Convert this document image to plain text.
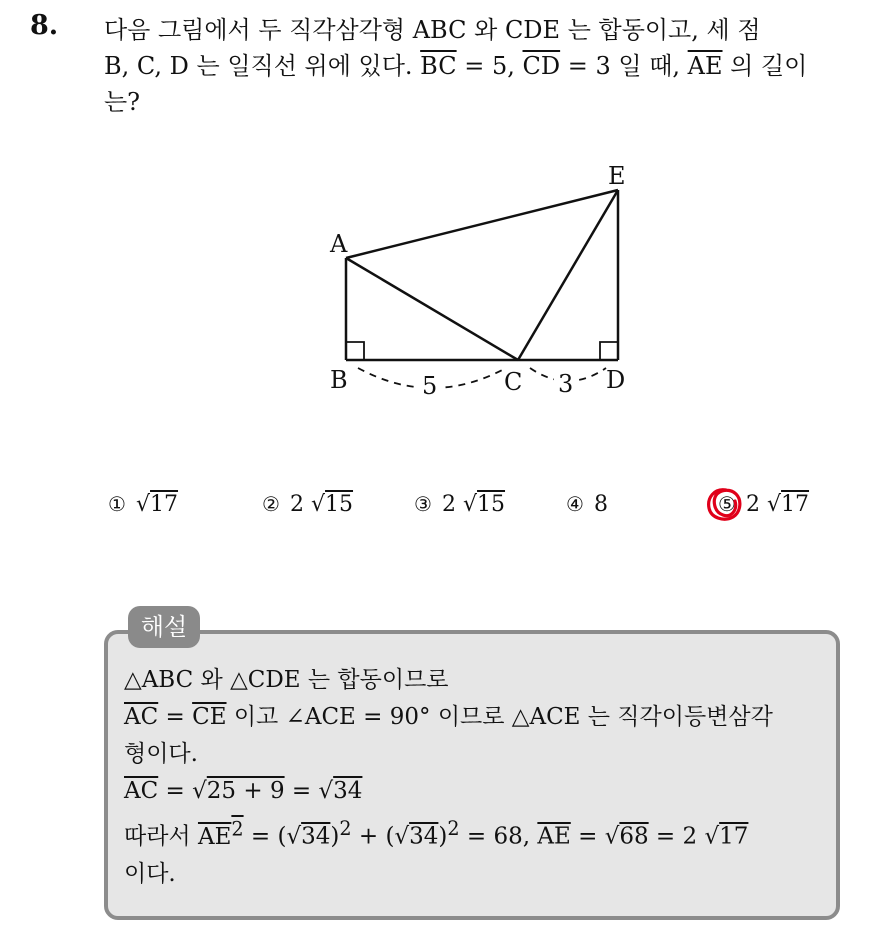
8. 다음 그림에서 두 직각삼각형 ABC 와 CDE 는 합동이고, 세 점
B, C, D 는 일직선 위에 있다. $\overline{BC} = 5$, $\overline{CD} = 3$ 일 때, $\overline{AE}$ 의 길이
는?
A
B	C	D
E
5	3
① √17	② 2 √15	③ 2 √15	④ 8	⑤ 2 √17
해설
△ABC 와 △CDE 는 합동이므로
$\overline{AC} = \overline{CE}$ 이고 ∠ACE = 90° 이므로 △ACE 는 직각이등변삼각
형이다.
$\overline{AC} = √25 + 9 = √34$
따라서 $AE^2 = (√34)^2 + (√34)^2 = 68$, $\overline{AE} = √68 = 2$ √17
이다.
